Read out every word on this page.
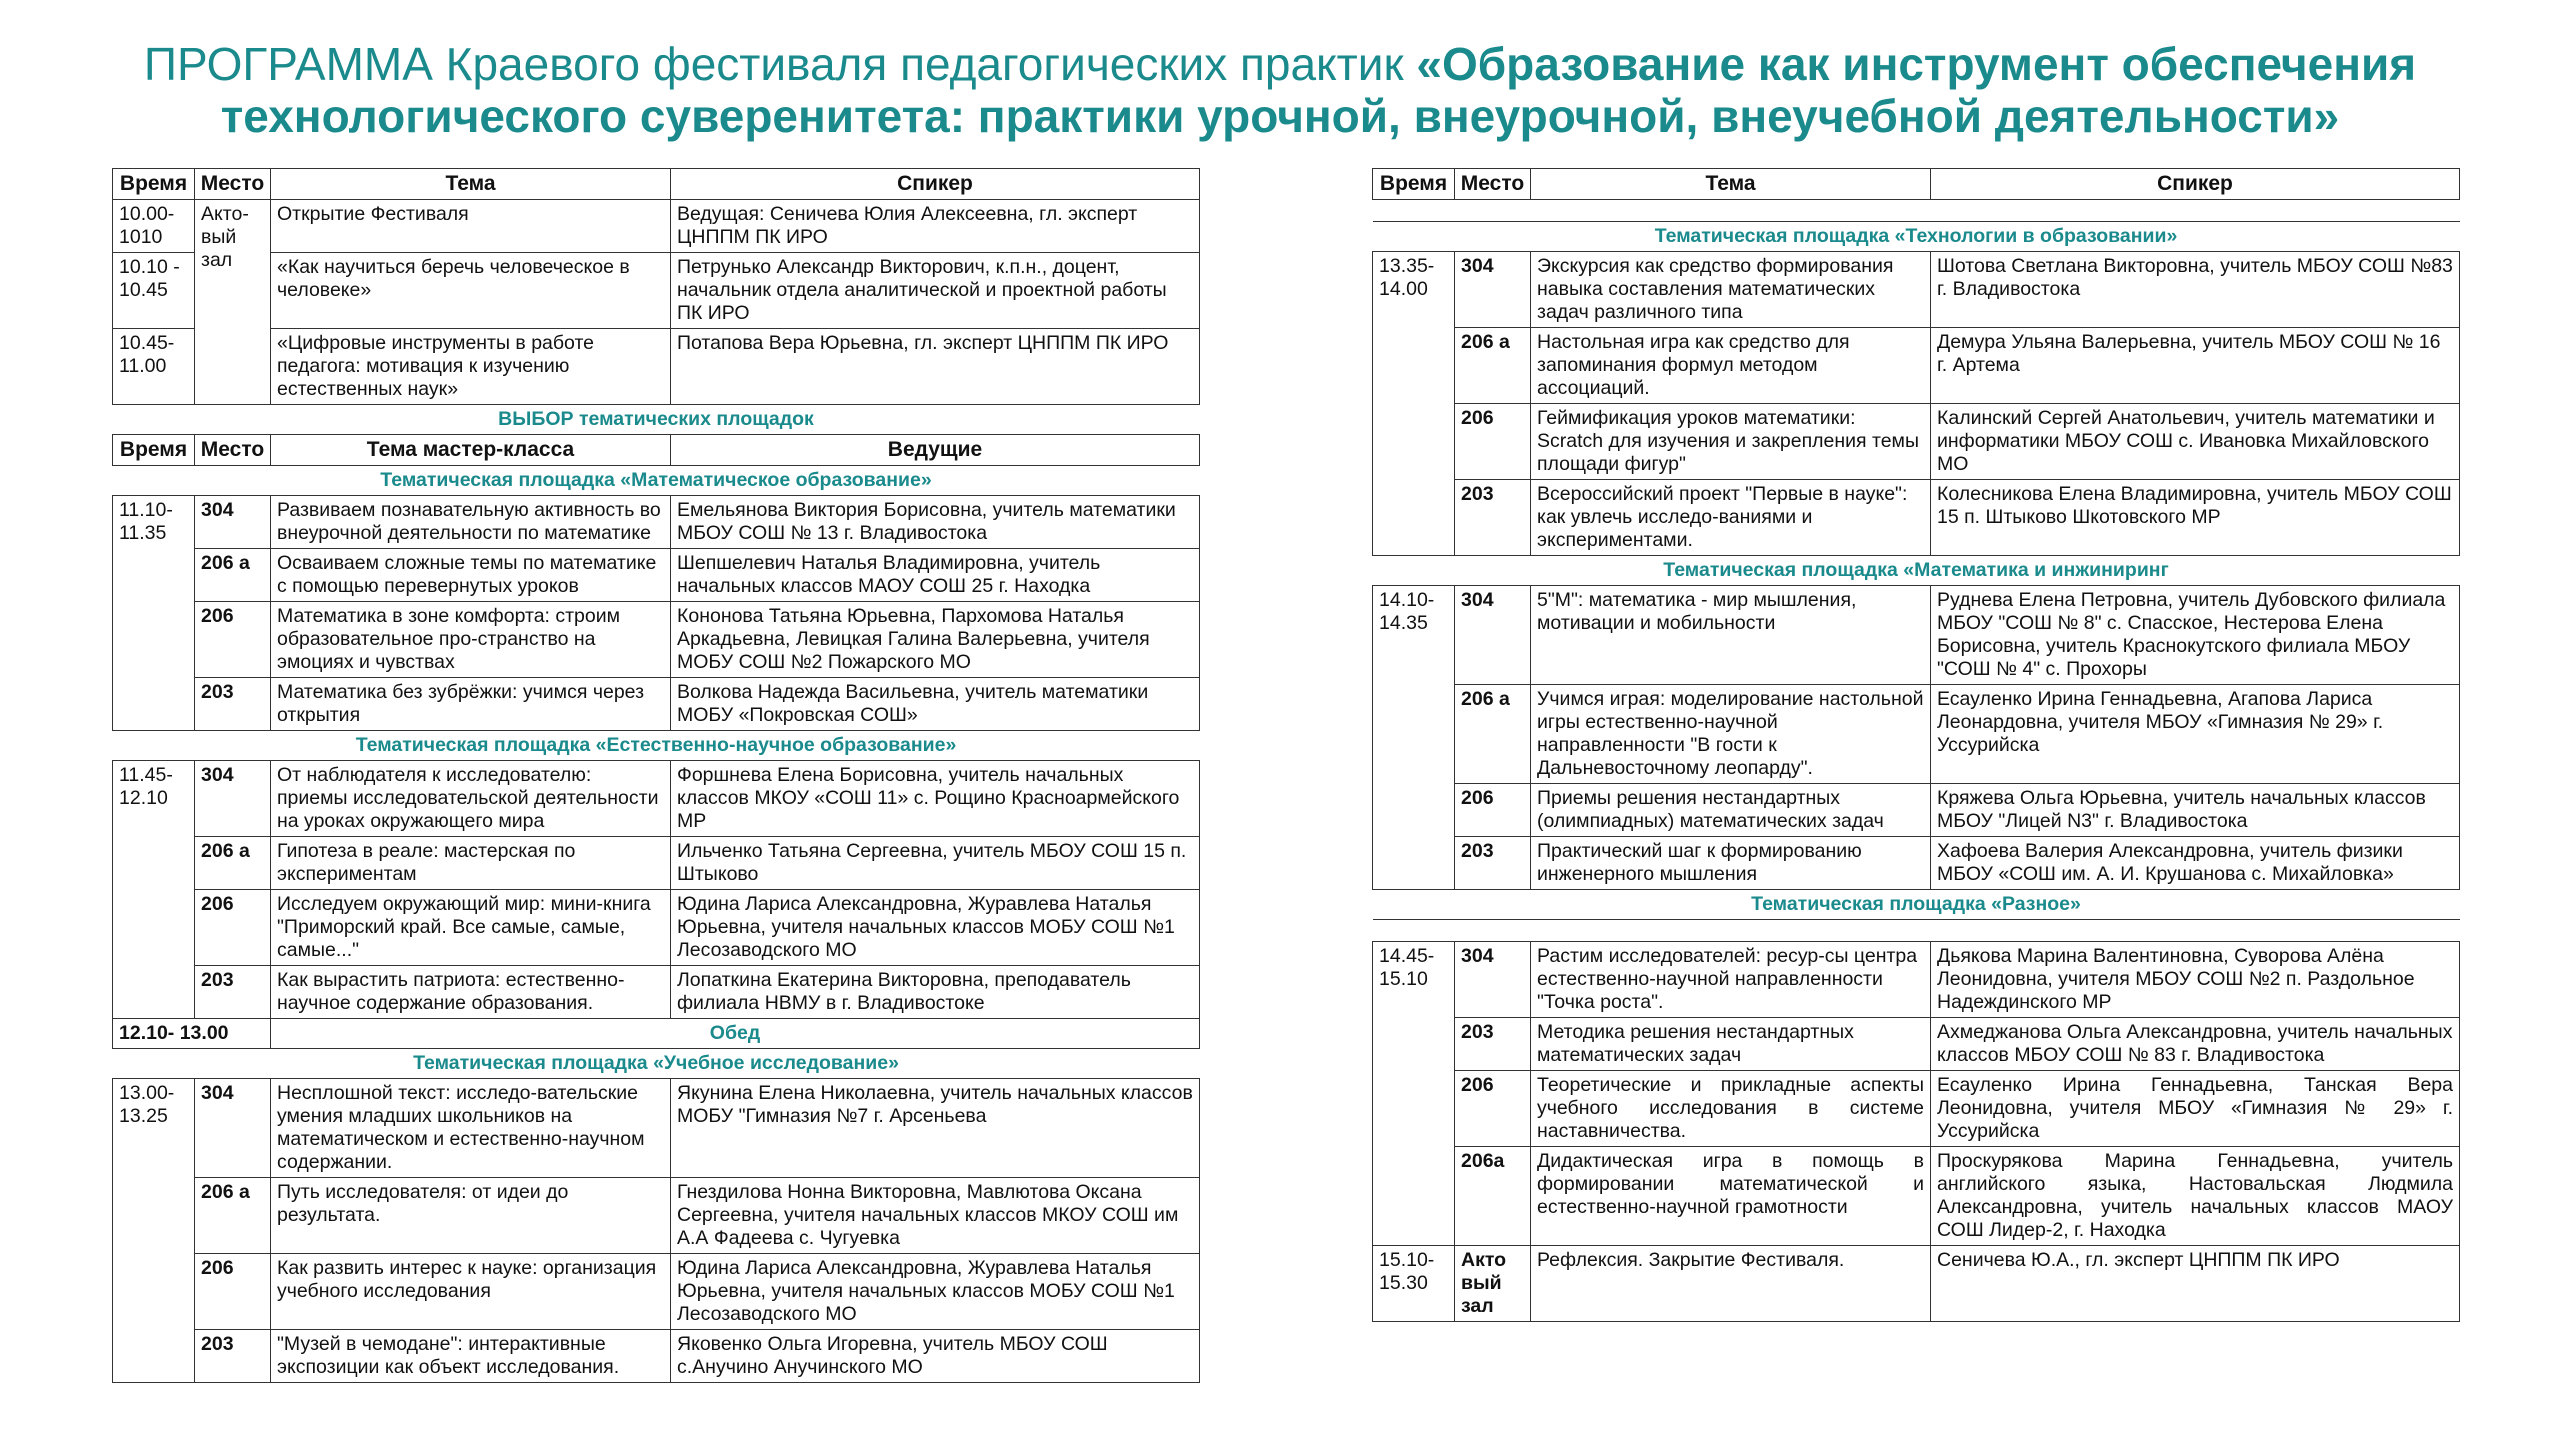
ПРОГРАММА Краевого фестиваля педагогических практик «Образование как инструмент обеспечения технологического суверенитета: практики урочной, внеурочной, внеучебной деятельности»
Время	Место	Тема	Спикер
10.00-1010	Акто-вый зал	Открытие Фестиваля	Ведущая: Сеничева Юлия Алексеевна, гл. эксперт ЦНППМ ПК ИРО
10.10 - 10.45		«Как научиться беречь человеческое в человеке»	Петрунько Александр Викторович, к.п.н., доцент, начальник отдела аналитической и проектной работы ПК ИРО
10.45-11.00		«Цифровые инструменты в работе педагога: мотивация к изучению естественных наук»	Потапова Вера Юрьевна, гл. эксперт ЦНППМ ПК ИРО
ВЫБОР тематических площадок			
Время	Место	Тема мастер-класса	Ведущие
Тематическая площадка «Математическое образование»			
11.10-11.35	304	Развиваем познавательную активность во внеурочной деятельности по математике	Емельянова Виктория Борисовна, учитель математики МБОУ СОШ № 13 г. Владивостока
	206 а	Осваиваем сложные темы по математике с помощью перевернутых уроков	Шепшелевич Наталья Владимировна, учитель начальных классов МАОУ СОШ 25 г. Находка
	206	Математика в зоне комфорта: строим образовательное про-странство на эмоциях и чувствах	Кононова Татьяна Юрьевна, Пархомова Наталья Аркадьевна, Левицкая Галина Валерьевна, учителя МОБУ СОШ №2 Пожарского МО
	203	Математика без зубрёжки: учимся через открытия	Волкова Надежда Васильевна, учитель математики МОБУ «Покровская СОШ»
Тематическая площадка «Естественно-научное образование»			
11.45-12.10	304	От наблюдателя к исследователю: приемы исследовательской деятельности на уроках окружающего мира	Форшнева Елена Борисовна, учитель начальных классов МКОУ «СОШ 11» с. Рощино Красноармейского МР
	206 а	Гипотеза в реале: мастерская по экспериментам	Ильченко Татьяна Сергеевна, учитель МБОУ СОШ 15 п. Штыково
	206	Исследуем окружающий мир: мини-книга "Приморский край. Все самые, самые, самые..."	Юдина Лариса Александровна, Журавлева Наталья Юрьевна, учителя начальных классов МОБУ СОШ №1 Лесозаводского МО
	203	Как вырастить патриота: естественно-научное содержание образования.	Лопаткина Екатерина Викторовна, преподаватель филиала НВМУ в г. Владивостоке
12.10- 13.00		Обед	
Тематическая площадка «Учебное исследование»			
13.00-13.25	304	Несплошной текст: исследо-вательские умения младших школьников на математическом и естественно-научном содержании.	Якунина Елена Николаевна, учитель начальных классов МОБУ "Гимназия №7 г. Арсеньева
	206 а	Путь исследователя: от идеи до результата.	Гнездилова Нонна Викторовна, Мавлютова Оксана Сергеевна, учителя начальных классов МКОУ СОШ им А.А Фадеева с. Чугуевка
	206	Как развить интерес к науке: организация учебного исследования	Юдина Лариса Александровна, Журавлева Наталья Юрьевна, учителя начальных классов МОБУ СОШ №1 Лесозаводского МО
	203	"Музей в чемодане": интерактивные экспозиции как объект исследования.	Яковенко Ольга Игоревна, учитель МБОУ СОШ с.Анучино Анучинского МО
Время	Место	Тема	Спикер

Тематическая площадка «Технологии в образовании»			
13.35-14.00	304	Экскурсия как средство формирования навыка составления математических задач различного типа	Шотова Светлана Викторовна, учитель МБОУ СОШ №83 г. Владивостока
	206 а	Настольная игра как средство для запоминания формул методом ассоциаций.	Демура Ульяна Валерьевна, учитель МБОУ СОШ № 16 г. Артема
	206	Геймификация уроков математики: Scratch для изучения и закрепления темы площади фигур"	Калинский Сергей Анатольевич, учитель математики и информатики МБОУ СОШ с. Ивановка Михайловского МО
	203	Всероссийский проект "Первые в науке": как увлечь исследо-ваниями и экспериментами.	Колесникова Елена Владимировна, учитель МБОУ СОШ 15 п. Штыково Шкотовского МР
Тематическая площадка «Математика и инжиниринг			
14.10-14.35	304	5"М": математика - мир мышления, мотивации и мобильности	Руднева Елена Петровна, учитель Дубовского филиала МБОУ "СОШ № 8" с. Спасское, Нестерова Елена Борисовна, учитель Краснокутского филиала МБОУ "СОШ № 4" с. Прохоры
	206 а	Учимся играя: моделирование настольной игры естественно-научной направленности "В гости к Дальневосточному леопарду".	Есауленко Ирина Геннадьевна, Агапова Лариса Леонардовна, учителя МБОУ «Гимназия № 29» г. Уссурийска
	206	Приемы решения нестандартных (олимпиадных) математических задач	Кряжева Ольга Юрьевна, учитель начальных классов МБОУ "Лицей N3" г. Владивостока
	203	Практический шаг к формированию инженерного мышления	Хафоева Валерия Александровна, учитель физики МБОУ «СОШ им. А. И. Крушанова с. Михайловка»
Тематическая площадка «Разное»			

14.45-15.10	304	Растим исследователей: ресур-сы центра естественно-научной направленности "Точка роста".	Дьякова Марина Валентиновна, Суворова Алёна Леонидовна, учителя МБОУ СОШ №2 п. Раздольное Надеждинского МР
	203	Методика решения нестандартных математических задач	Ахмеджанова Ольга Александровна, учитель начальных классов МБОУ СОШ № 83 г. Владивостока
	206	Теоретические и прикладные аспекты учебного исследования в системе наставничества.	Есауленко Ирина Геннадьевна, Танская Вера Леонидовна, учителя МБОУ «Гимназия № 29» г. Уссурийска
	206а	Дидактическая игра в помощь в формировании математической и естественно-научной грамотности	Проскурякова Марина Геннадьевна, учитель английского языка, Настовальская Людмила Александровна, учитель начальных классов МАОУ СОШ Лидер-2, г. Находка
15.10-15.30	Акто вый зал	Рефлексия. Закрытие Фестиваля.	Сеничева Ю.А., гл. эксперт ЦНППМ ПК ИРО
